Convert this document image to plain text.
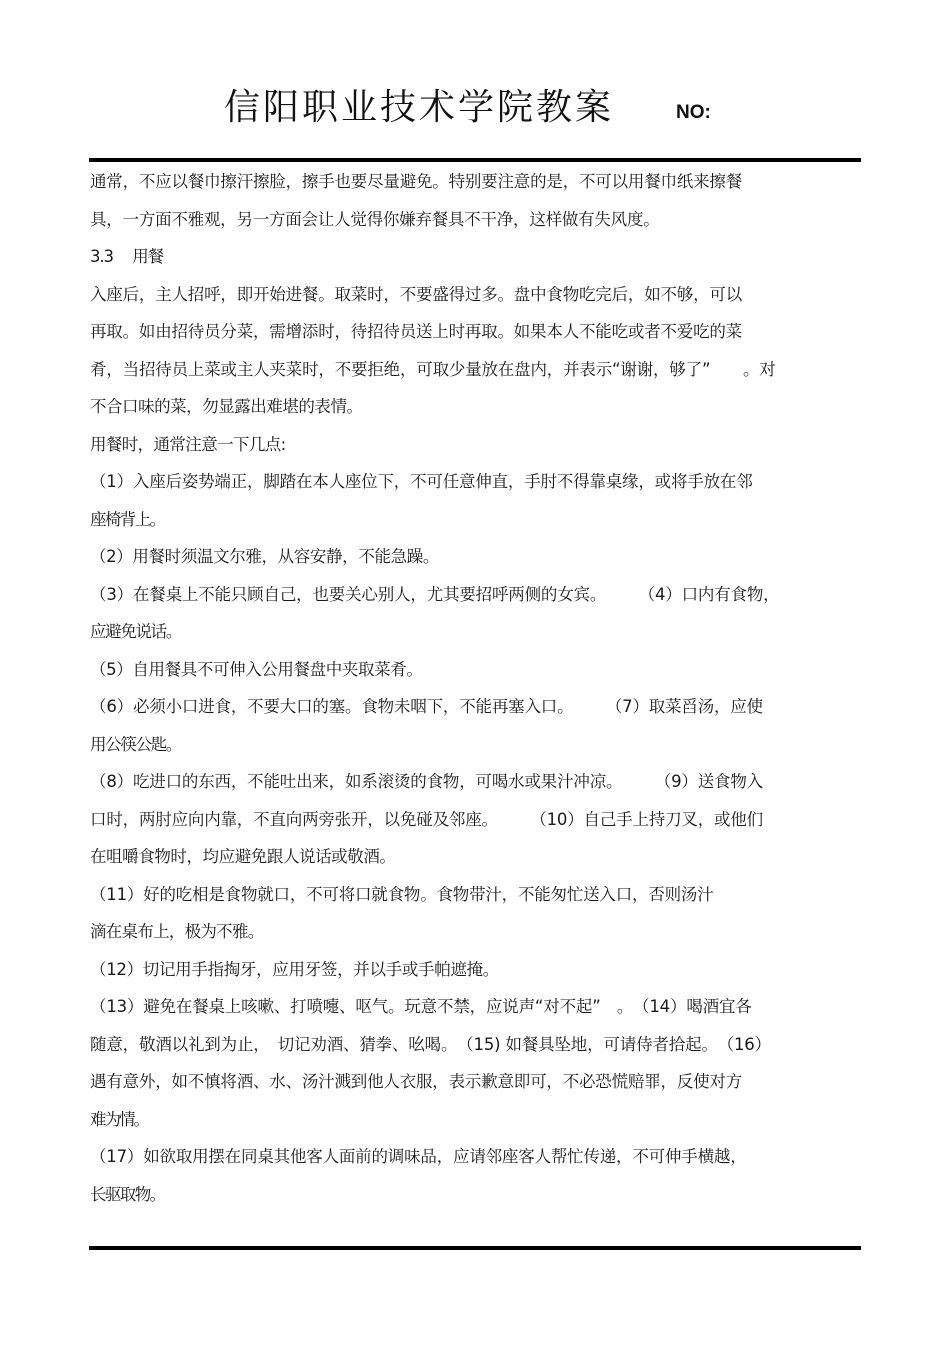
信阳职业技术学院教案	NO:
通常，不应以餐巾擦汗擦脸，擦手也要尽量避免。特别要注意的是，不可以用餐巾纸来擦餐
具，一方面不雅观，另一方面会让人觉得你嫌弃餐具不干净，这样做有失风度。
3.3　 用餐
入座后，主人招呼，即开始进餐。取菜时，不要盛得过多。盘中食物吃完后，如不够，可以
再取。如由招待员分菜，需增添时，待招待员送上时再取。如果本人不能吃或者不爱吃的菜
肴，当招待员上菜或主人夹菜时，不要拒绝，可取少量放在盘内，并表示“谢谢，够了”　　。对
不合口味的菜，勿显露出难堪的表情。
用餐时，通常注意一下几点:
（1）入座后姿势端正，脚踏在本人座位下，不可任意伸直，手肘不得靠桌缘，或将手放在邻
座椅背上。
（2）用餐时须温文尔雅，从容安静，不能急躁。
（3）在餐桌上不能只顾自己，也要关心别人，尤其要招呼两侧的女宾。　　　（4）口内有食物，
应避免说话。
（5）自用餐具不可伸入公用餐盘中夹取菜肴。
（6）必须小口进食，不要大口的塞。食物未咽下，不能再塞入口。　　　（7）取菜舀汤，应使
用公筷公匙。
（8）吃进口的东西，不能吐出来，如系滚烫的食物，可喝水或果汁冲凉。　　　（9）送食物入
口时，两肘应向内靠，不直向两旁张开，以免碰及邻座。　　　（10）自己手上持刀叉，或他们
在咀嚼食物时，均应避免跟人说话或敬酒。
（11）好的吃相是食物就口，不可将口就食物。食物带汁，不能匆忙送入口，否则汤汁
滴在桌布上，极为不雅。
（12）切记用手指掏牙，应用牙签，并以手或手帕遮掩。
（13）避免在餐桌上咳嗽、打喷嚏、呕气。玩意不禁，应说声“对不起”　。　（14）喝酒宜各
随意，敬酒以礼到为止，　切记劝酒、猜拳、吆喝。　（15) 如餐具坠地，可请侍者拾起。　（16）
遇有意外，如不慎将酒、水、汤汁溅到他人衣服，表示歉意即可，不必恐慌赔罪，反使对方
难为情。
（17）如欲取用摆在同桌其他客人面前的调味品，应请邻座客人帮忙传递，不可伸手横越，
长驱取物。
